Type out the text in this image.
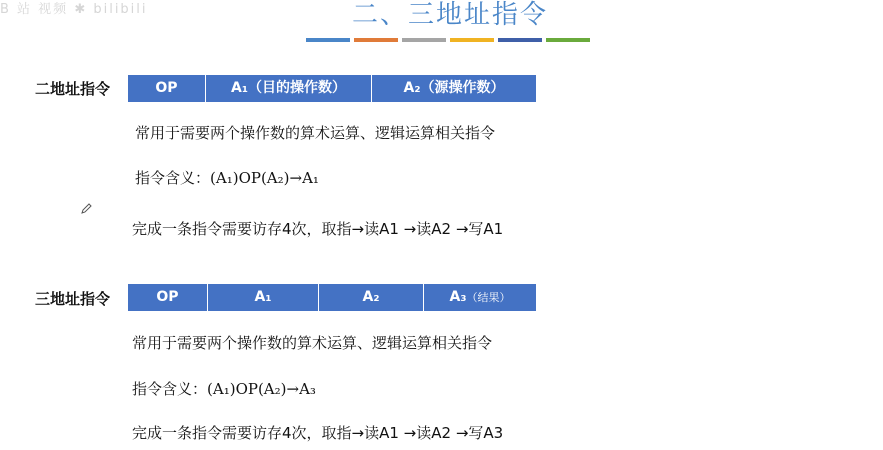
B 站 视频 ✱ bilibili	二、三地址指令
二地址指令	OP	A₁（目的操作数）	A₂（源操作数）
常用于需要两个操作数的算术运算、逻辑运算相关指令
指令含义：(A₁)OP(A₂)→A₁
完成一条指令需要访存4次，取指→读A1 →读A2 →写A1
三地址指令	OP	A₁	A₂	A₃（结果）
常用于需要两个操作数的算术运算、逻辑运算相关指令
指令含义：(A₁)OP(A₂)→A₃
完成一条指令需要访存4次，取指→读A1 →读A2 →写A3
